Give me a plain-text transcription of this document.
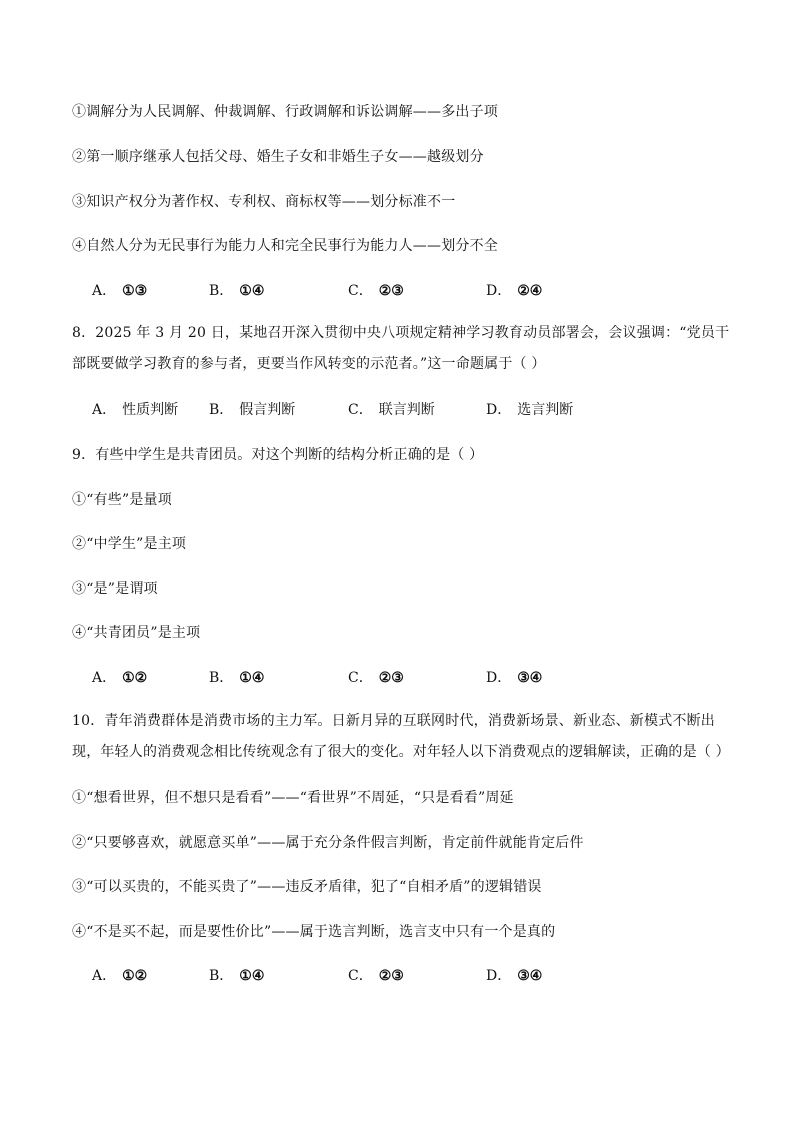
①调解分为人民调解、仲裁调解、行政调解和诉讼调解——多出子项
②第一顺序继承人包括父母、婚生子女和非婚生子女——越级划分
③知识产权分为著作权、专利权、商标权等——划分标准不一
④自然人分为无民事行为能力人和完全民事行为能力人——划分不全
A． ①③	B． ①④	C． ②③	D． ②④
8．2025 年 3 月 20 日，某地召开深入贯彻中央八项规定精神学习教育动员部署会，会议强调：“党员干部既要做学习教育的参与者，更要当作风转变的示范者。”这一命题属于（ ）
A． 性质判断 B． 假言判断	C． 联言判断	D． 选言判断
9．有些中学生是共青团员。对这个判断的结构分析正确的是（ ）
①“有些”是量项
②“中学生”是主项
③“是”是谓项
④“共青团员”是主项
A． ①②	B． ①④	C． ②③	D． ③④
10．青年消费群体是消费市场的主力军。日新月异的互联网时代，消费新场景、新业态、新模式不断出现，年轻人的消费观念相比传统观念有了很大的变化。对年轻人以下消费观点的逻辑解读，正确的是（ ）
①“想看世界，但不想只是看看”——“看世界”不周延，“只是看看”周延
②“只要够喜欢，就愿意买单”——属于充分条件假言判断，肯定前件就能肯定后件
③“可以买贵的，不能买贵了”——违反矛盾律，犯了“自相矛盾”的逻辑错误
④“不是买不起，而是要性价比”——属于选言判断，选言支中只有一个是真的
A． ①②	B． ①④	C． ②③	D． ③④
